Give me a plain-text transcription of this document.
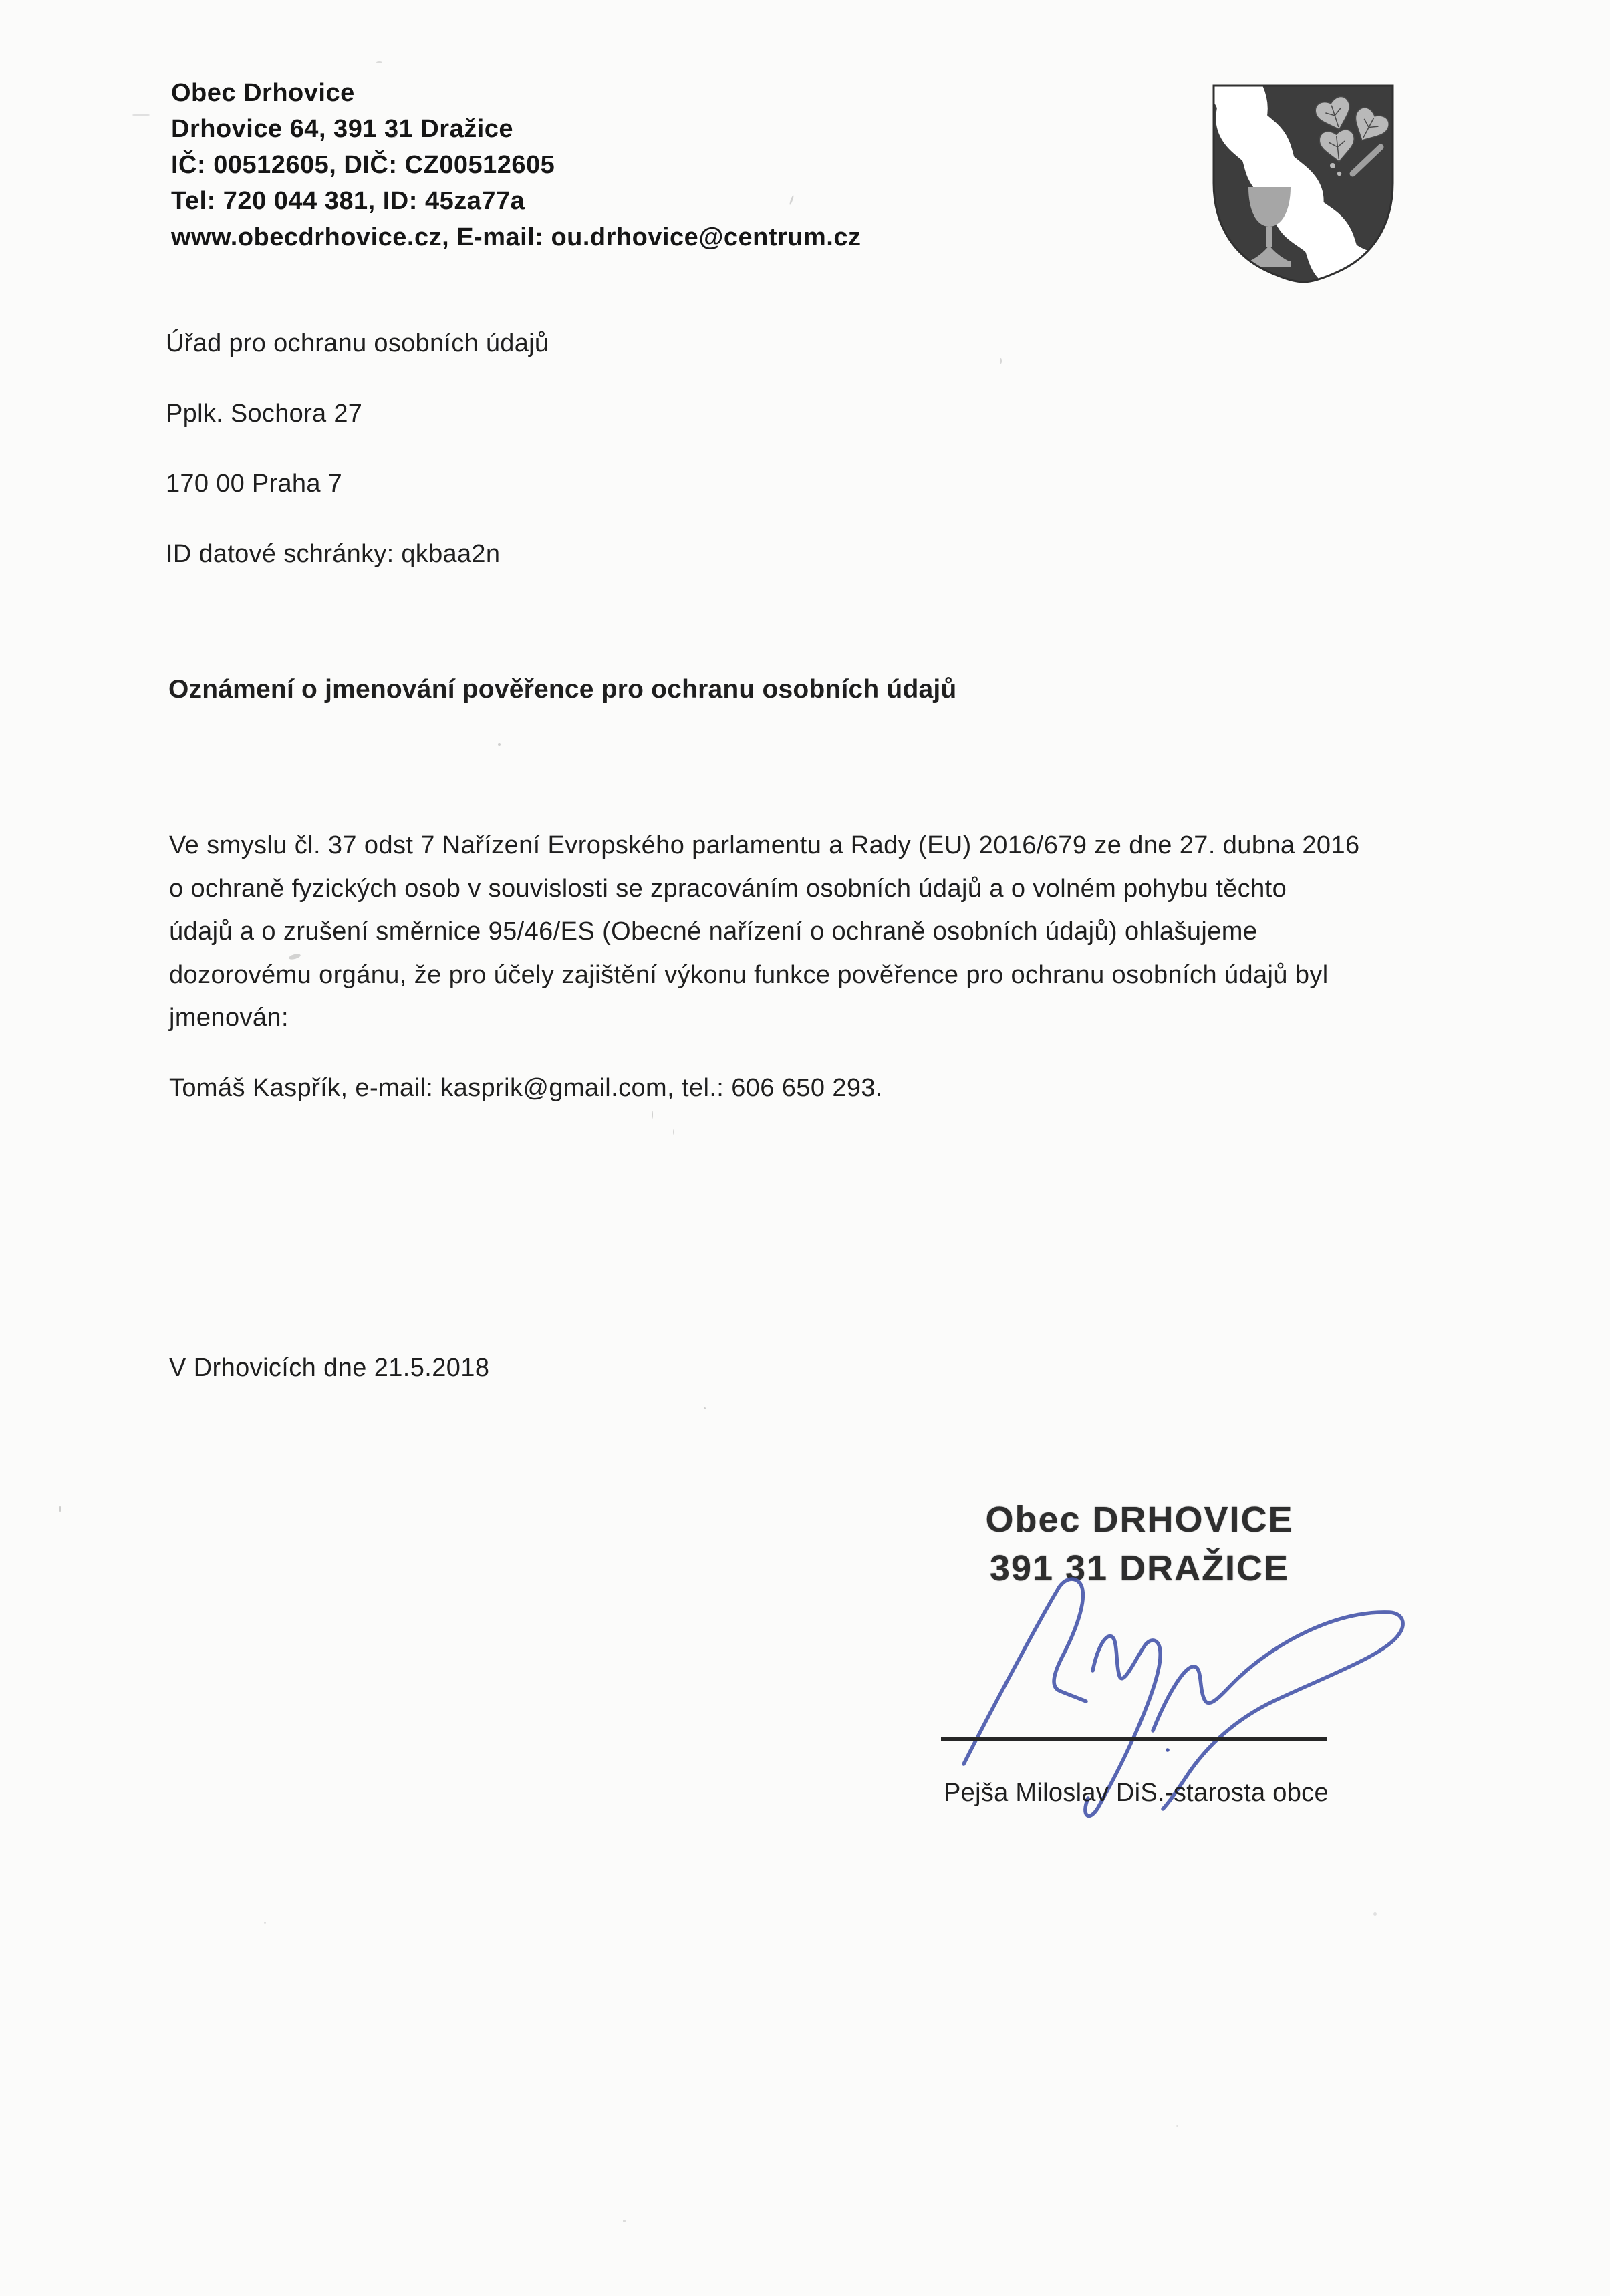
Obec Drhovice
Drhovice 64, 391 31 Dražice
IČ: 00512605, DIČ: CZ00512605
Tel: 720 044 381, ID: 45za77a
www.obecdrhovice.cz, E-mail: ou.drhovice@centrum.cz
Úřad pro ochranu osobních údajů
Pplk. Sochora 27
170 00 Praha 7
ID datové schránky: qkbaa2n
Oznámení o jmenování pověřence pro ochranu osobních údajů
Ve smyslu čl. 37 odst 7 Nařízení Evropského parlamentu a Rady (EU) 2016/679 ze dne 27. dubna 2016
o ochraně fyzických osob v souvislosti se zpracováním osobních údajů a o volném pohybu těchto
údajů a o zrušení směrnice 95/46/ES (Obecné nařízení o ochraně osobních údajů) ohlašujeme
dozorovému orgánu, že pro účely zajištění výkonu funkce pověřence pro ochranu osobních údajů byl
jmenován:
Tomáš Kaspřík, e-mail: kasprik@gmail.com, tel.: 606 650 293.
V Drhovicích dne 21.5.2018
Obec DRHOVICE
391 31 DRAŽICE
Pejša Miloslav DiS.-starosta obce
